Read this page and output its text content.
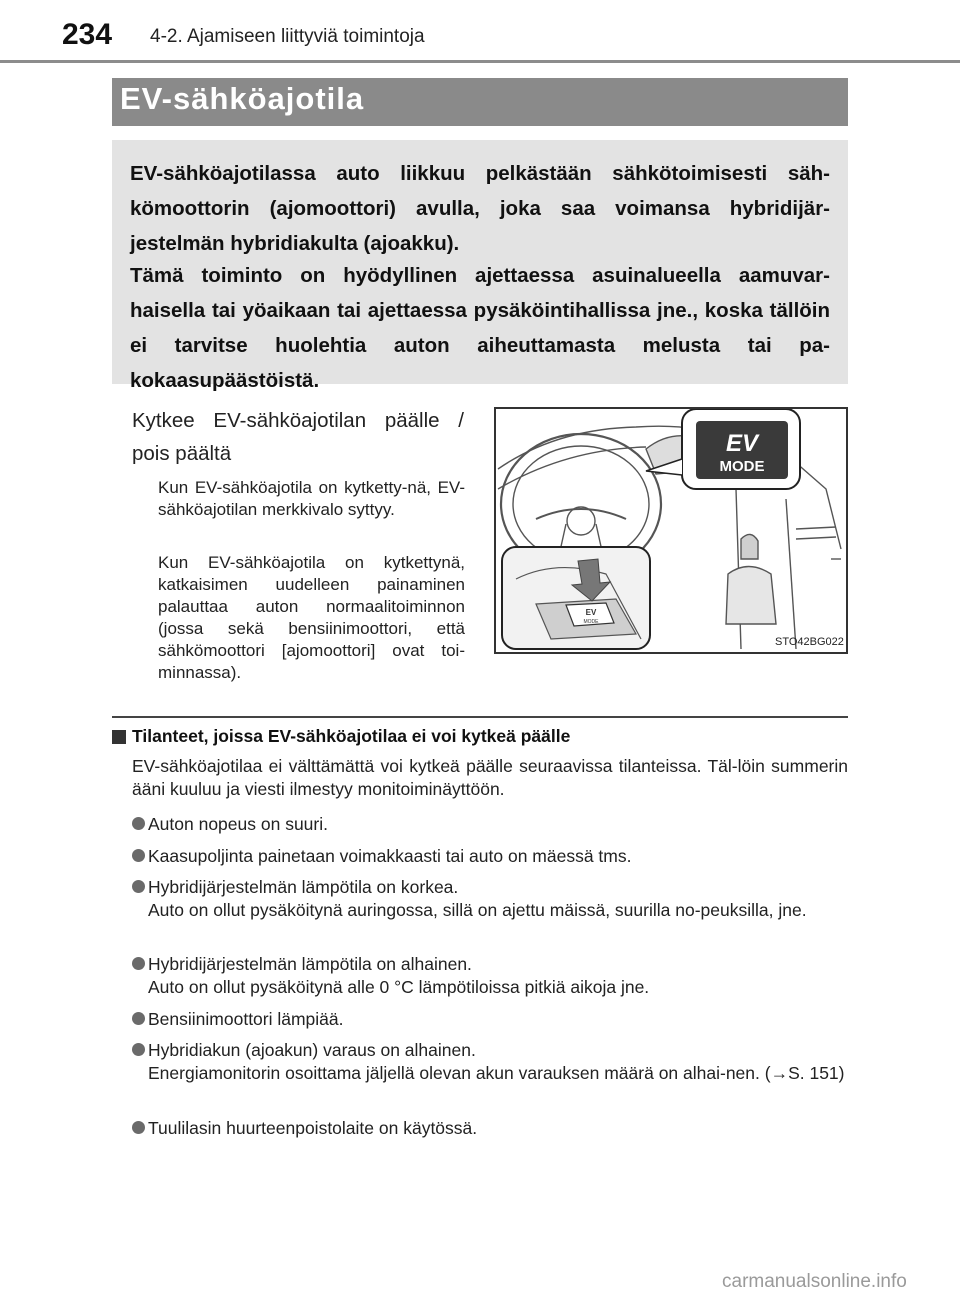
234 4-2. Ajamiseen liittyviä toimintoja
EV-sähköajotila
EV-sähköajotilassa auto liikkuu pelkästään sähkötoimisesti säh-kömoottorin (ajomoottori) avulla, joka saa voimansa hybridijär-jestelmän hybridiakulta (ajoakku).
Tämä toiminto on hyödyllinen ajettaessa asuinalueella aamuvar-haisella tai yöaikaan tai ajettaessa pysäköintihallissa jne., koska tällöin ei tarvitse huolehtia auton aiheuttamasta melusta tai pa-kokaasupäästöistä.
Kytkee EV-sähköajotilan päälle / pois päältä
Kun EV-sähköajotila on kytketty-nä, EV-sähköajotilan merkkivalo syttyy.
Kun EV-sähköajotila on kytkettynä, katkaisimen uudelleen painaminen palauttaa auton normaalitoiminnon (jossa sekä bensiinimoottori, että sähkömoottori [ajomoottori] ovat toi-minnassa).
EV
MODE
EV
MODE
STO42BG022
Tilanteet, joissa EV-sähköajotilaa ei voi kytkeä päälle
EV-sähköajotilaa ei välttämättä voi kytkeä päälle seuraavissa tilanteissa. Täl-löin summerin ääni kuuluu ja viesti ilmestyy monitoiminäyttöön.
Auton nopeus on suuri.
Kaasupoljinta painetaan voimakkaasti tai auto on mäessä tms.
Hybridijärjestelmän lämpötila on korkea.
Auto on ollut pysäköitynä auringossa, sillä on ajettu mäissä, suurilla no-peuksilla, jne.
Hybridijärjestelmän lämpötila on alhainen.
Auto on ollut pysäköitynä alle 0 °C lämpötiloissa pitkiä aikoja jne.
Bensiinimoottori lämpiää.
Hybridiakun (ajoakun) varaus on alhainen.
Energiamonitorin osoittama jäljellä olevan akun varauksen määrä on alhai-nen. (→S. 151)
Tuulilasin huurteenpoistolaite on käytössä.
carmanualsonline.info
